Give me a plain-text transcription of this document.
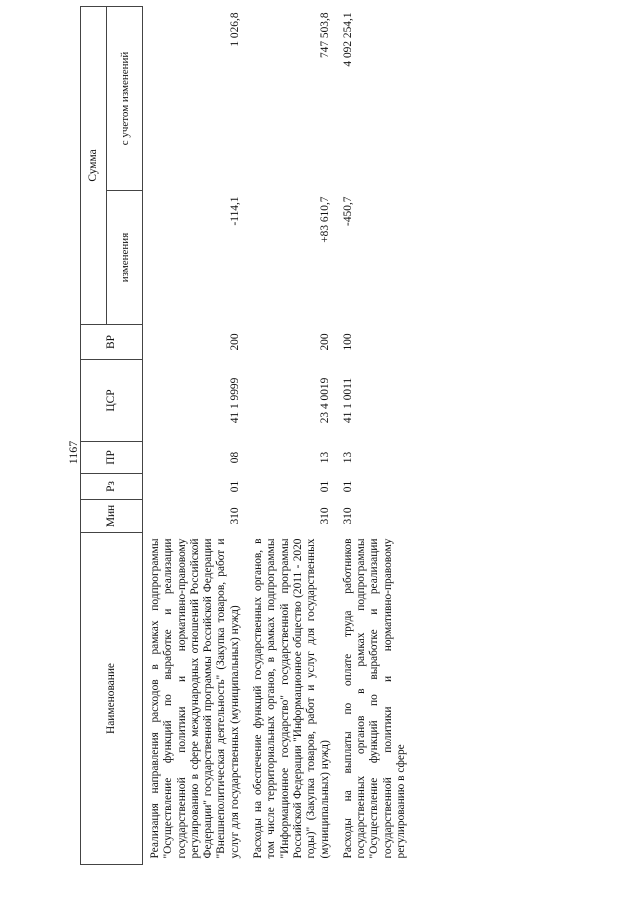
1167
Наименование	Мин	Рз	ПР	ЦСР	ВР	Сумма	
						изменения	с учетом изменений
Реализация направления расходов в рамках подпрограммы "Осуществление функций по выработке и реализации государственной политики и нормативно-правовому регулированию в сфере международных отношений Российской Федерации" государственной программы Российской Федерации "Внешнеполитическая деятельность" (Закупка товаров, работ и услуг для государственных (муниципальных) нужд)	310	01	08	41 1 9999	200	-114,1	1 026,8
Расходы на обеспечение функций государственных органов, в том числе территориальных органов, в рамках подпрограммы "Информационное государство" государственной программы Российской Федерации "Информационное общество (2011 - 2020 годы)" (Закупка товаров, работ и услуг для государственных (муниципальных) нужд)	310	01	13	23 4 0019	200	+83 610,7	747 503,8

Расходы на выплаты по оплате труда работников государственных органов в рамках подпрограммы "Осуществление функций по выработке и реализации государственной политики и нормативно-правовому регулированию в сфере	310	01	13	41 1 0011	100	-450,7	4 092 254,1
